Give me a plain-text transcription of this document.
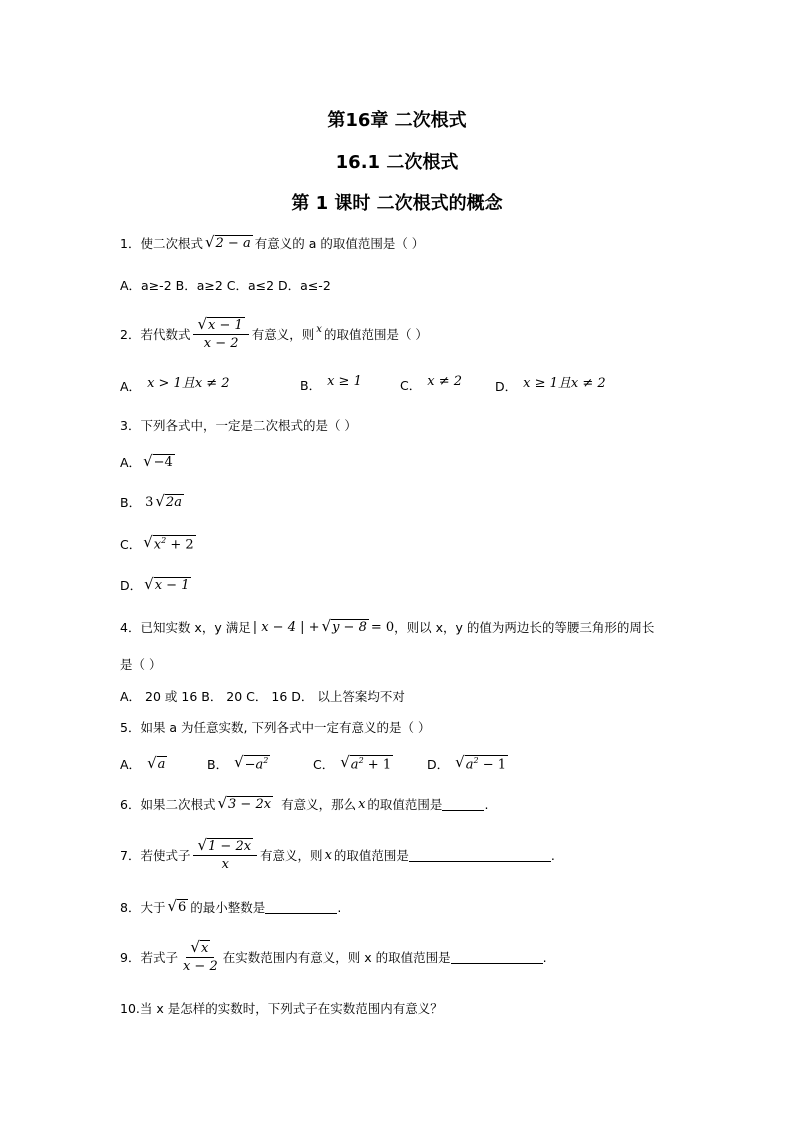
第16章 二次根式
16.1 二次根式
第 1 课时 二次根式的概念
1．使二次根式 √ 2 − a 有意义的 a 的取值范围是（ ）
A．a≥-2 B．a≥2 C．a≤2 D．a≤-2
2．若代数式 $\frac{√ x - 1}{x - 2}$ 有意义，则 x 的取值范围是（ ）
A． x > 1且x ≠ 2	B． x ≥ 1	C． x ≠ 2	D． x ≥ 1且x ≠ 2
3．下列各式中，一定是二次根式的是（ ）
A． √ −4
B． 3 √ 2a
C． √ $x^2 + 2$
D． √ x − 1
4．已知实数 x，y 满足 | x − 4 | + √ y − 8 = 0 ，则以 x，y 的值为两边长的等腰三角形的周长
是（ ）
A． 20 或 16 B． 20 C． 16 D． 以上答案均不对
5．如果 a 为任意实数, 下列各式中一定有意义的是（ ）
A． √ a	B． √ $-a^2$	C． √ $a^2 + 1$	D． √ $a^2 - 1$
6．如果二次根式 √ 3 − 2x 有意义，那么 x 的取值范围是	.
7．若使式子 $\frac{√ 1 - 2x}{x}$ 有意义，则 x 的取值范围是	.
8．大于 √ 6 的最小整数是	.
9．若式子 $\frac{√ x}{x - 2}$ 在实数范围内有意义，则 x 的取值范围是	.
10.当 x 是怎样的实数时，下列式子在实数范围内有意义？
